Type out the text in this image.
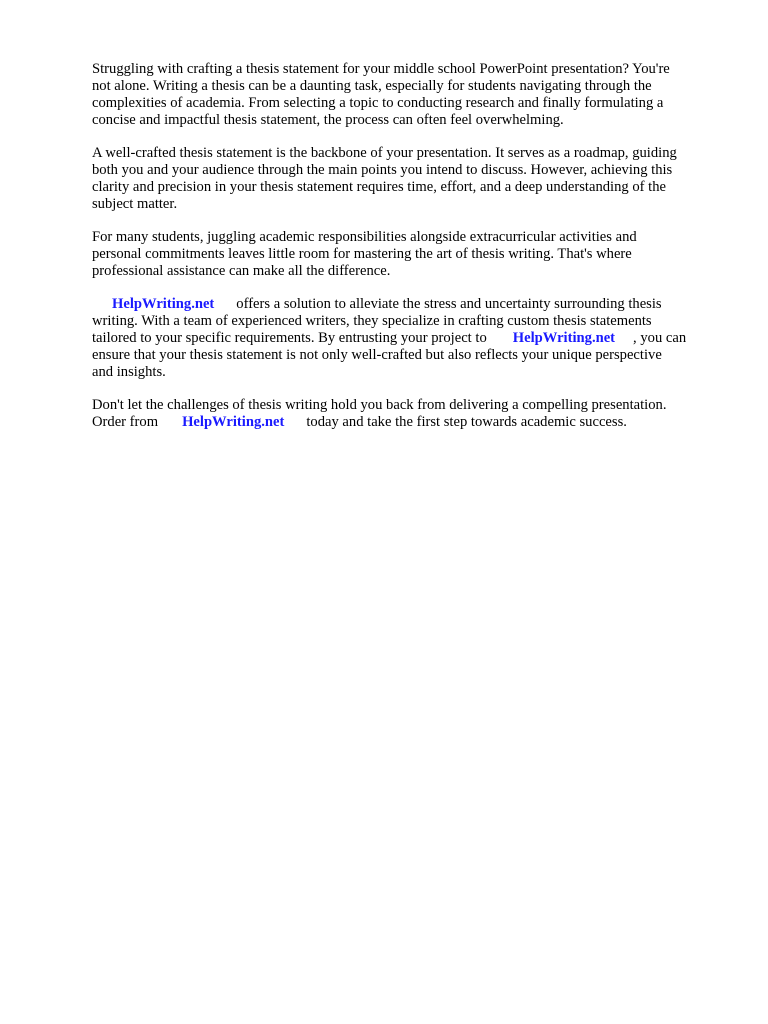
Struggling with crafting a thesis statement for your middle school PowerPoint presentation? You're
not alone. Writing a thesis can be a daunting task, especially for students navigating through the
complexities of academia. From selecting a topic to conducting research and finally formulating a
concise and impactful thesis statement, the process can often feel overwhelming.

A well-crafted thesis statement is the backbone of your presentation. It serves as a roadmap, guiding
both you and your audience through the main points you intend to discuss. However, achieving this
clarity and precision in your thesis statement requires time, effort, and a deep understanding of the
subject matter.

For many students, juggling academic responsibilities alongside extracurricular activities and
personal commitments leaves little room for mastering the art of thesis writing. That's where
professional assistance can make all the difference.

HelpWriting.net offers a solution to alleviate the stress and uncertainty surrounding thesis
writing. With a team of experienced writers, they specialize in crafting custom thesis statements
tailored to your specific requirements. By entrusting your project to HelpWriting.net , you can
ensure that your thesis statement is not only well-crafted but also reflects your unique perspective
and insights.

Don't let the challenges of thesis writing hold you back from delivering a compelling presentation.
Order from HelpWriting.net today and take the first step towards academic success.
